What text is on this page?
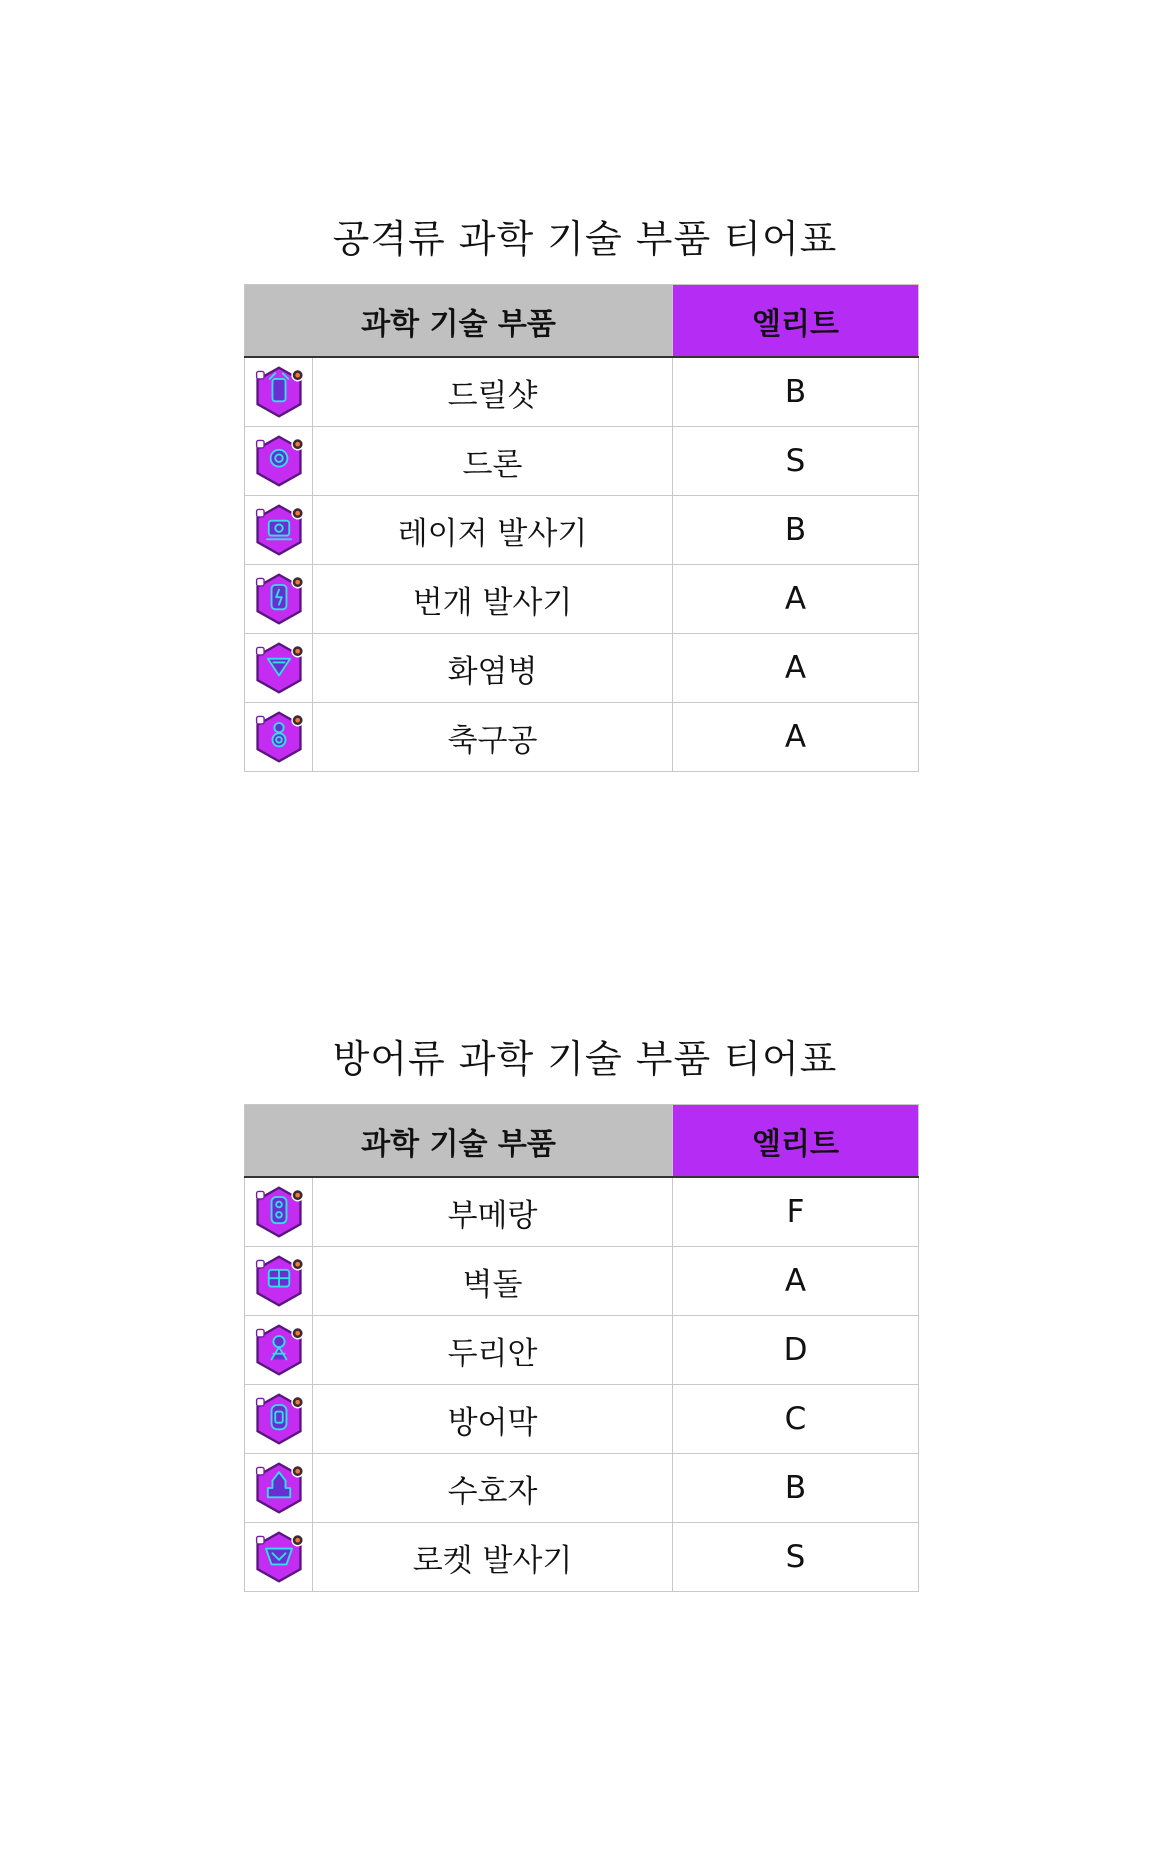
공격류 과학 기술 부품 티어표
과학 기술 부품		엘리트

	드릴샷	B

	드론	S

	레이저 발사기	B

	번개 발사기	A

	화염병	A

	축구공	A
방어류 과학 기술 부품 티어표
과학 기술 부품		엘리트

	부메랑	F

	벽돌	A

	두리안	D

	방어막	C

	수호자	B

	로켓 발사기	S
